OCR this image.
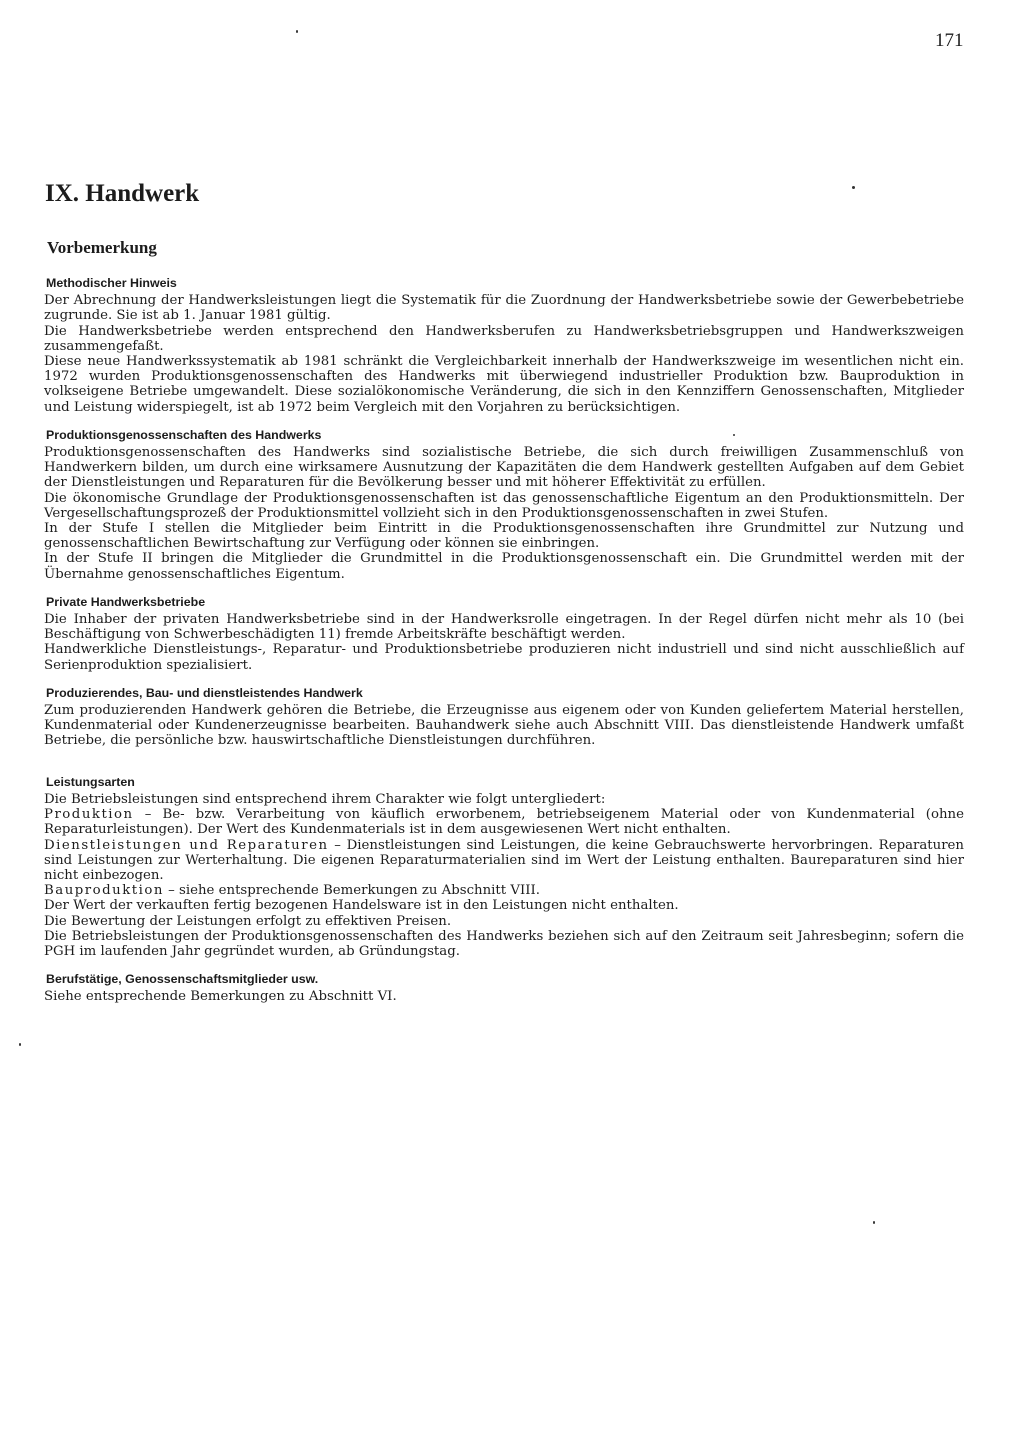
171
IX. Handwerk
Vorbemerkung
Methodischer Hinweis

Der Abrechnung der Handwerksleistungen liegt die Systematik für die Zuordnung der Handwerksbetriebe sowie der Gewerbebetriebe zugrunde. Sie ist ab 1. Januar 1981 gültig.

Die Handwerksbetriebe werden entsprechend den Handwerksberufen zu Handwerksbetriebsgruppen und Handwerkszweigen zusammengefaßt.

Diese neue Handwerkssystematik ab 1981 schränkt die Vergleichbarkeit innerhalb der Handwerkszweige im wesentlichen nicht ein. 1972 wurden Produktionsgenossenschaften des Handwerks mit überwiegend industrieller Produktion bzw. Bauproduktion in volkseigene Betriebe umgewandelt. Diese sozialökonomische Veränderung, die sich in den Kennziffern Genossenschaften, Mitglieder und Leistung widerspiegelt, ist ab 1972 beim Vergleich mit den Vorjahren zu berücksichtigen.

Produktionsgenossenschaften des Handwerks

Produktionsgenossenschaften des Handwerks sind sozialistische Betriebe, die sich durch freiwilligen Zusammenschluß von Handwerkern bilden, um durch eine wirksamere Ausnutzung der Kapazitäten die dem Handwerk gestellten Aufgaben auf dem Gebiet der Dienstleistungen und Reparaturen für die Bevölkerung besser und mit höherer Effektivität zu erfüllen.

Die ökonomische Grundlage der Produktionsgenossenschaften ist das genossenschaftliche Eigentum an den Produktionsmitteln. Der Vergesellschaftungsprozeß der Produktionsmittel vollzieht sich in den Produktionsgenossenschaften in zwei Stufen.

In der Stufe I stellen die Mitglieder beim Eintritt in die Produktionsgenossenschaften ihre Grundmittel zur Nutzung und genossenschaftlichen Bewirtschaftung zur Verfügung oder können sie einbringen.

In der Stufe II bringen die Mitglieder die Grundmittel in die Produktionsgenossenschaft ein. Die Grundmittel werden mit der Übernahme genossenschaftliches Eigentum.

Private Handwerksbetriebe

Die Inhaber der privaten Handwerksbetriebe sind in der Handwerksrolle eingetragen. In der Regel dürfen nicht mehr als 10 (bei Beschäftigung von Schwerbeschädigten 11) fremde Arbeitskräfte beschäftigt werden.

Handwerkliche Dienstleistungs-, Reparatur- und Produktionsbetriebe produzieren nicht industriell und sind nicht ausschließlich auf Serienproduktion spezialisiert.

Produzierendes, Bau- und dienstleistendes Handwerk

Zum produzierenden Handwerk gehören die Betriebe, die Erzeugnisse aus eigenem oder von Kunden geliefertem Material herstellen, Kundenmaterial oder Kundenerzeugnisse bearbeiten. Bauhandwerk siehe auch Abschnitt VIII. Das dienstleistende Handwerk umfaßt Betriebe, die persönliche bzw. hauswirtschaftliche Dienstleistungen durchführen.

Leistungsarten

Die Betriebsleistungen sind entsprechend ihrem Charakter wie folgt untergliedert:

Produktion – Be- bzw. Verarbeitung von käuflich erworbenem, betriebseigenem Material oder von Kundenmaterial (ohne Reparaturleistungen). Der Wert des Kundenmaterials ist in dem ausgewiesenen Wert nicht enthalten.

Dienstleistungen und Reparaturen – Dienstleistungen sind Leistungen, die keine Gebrauchswerte hervorbringen. Reparaturen sind Leistungen zur Werterhaltung. Die eigenen Reparaturmaterialien sind im Wert der Leistung enthalten. Baureparaturen sind hier nicht einbezogen.

Bauproduktion – siehe entsprechende Bemerkungen zu Abschnitt VIII.

Der Wert der verkauften fertig bezogenen Handelsware ist in den Leistungen nicht enthalten.

Die Bewertung der Leistungen erfolgt zu effektiven Preisen.

Die Betriebsleistungen der Produktionsgenossenschaften des Handwerks beziehen sich auf den Zeitraum seit Jahresbeginn; sofern die PGH im laufenden Jahr gegründet wurden, ab Gründungstag.

Berufstätige, Genossenschaftsmitglieder usw.

Siehe entsprechende Bemerkungen zu Abschnitt VI.
